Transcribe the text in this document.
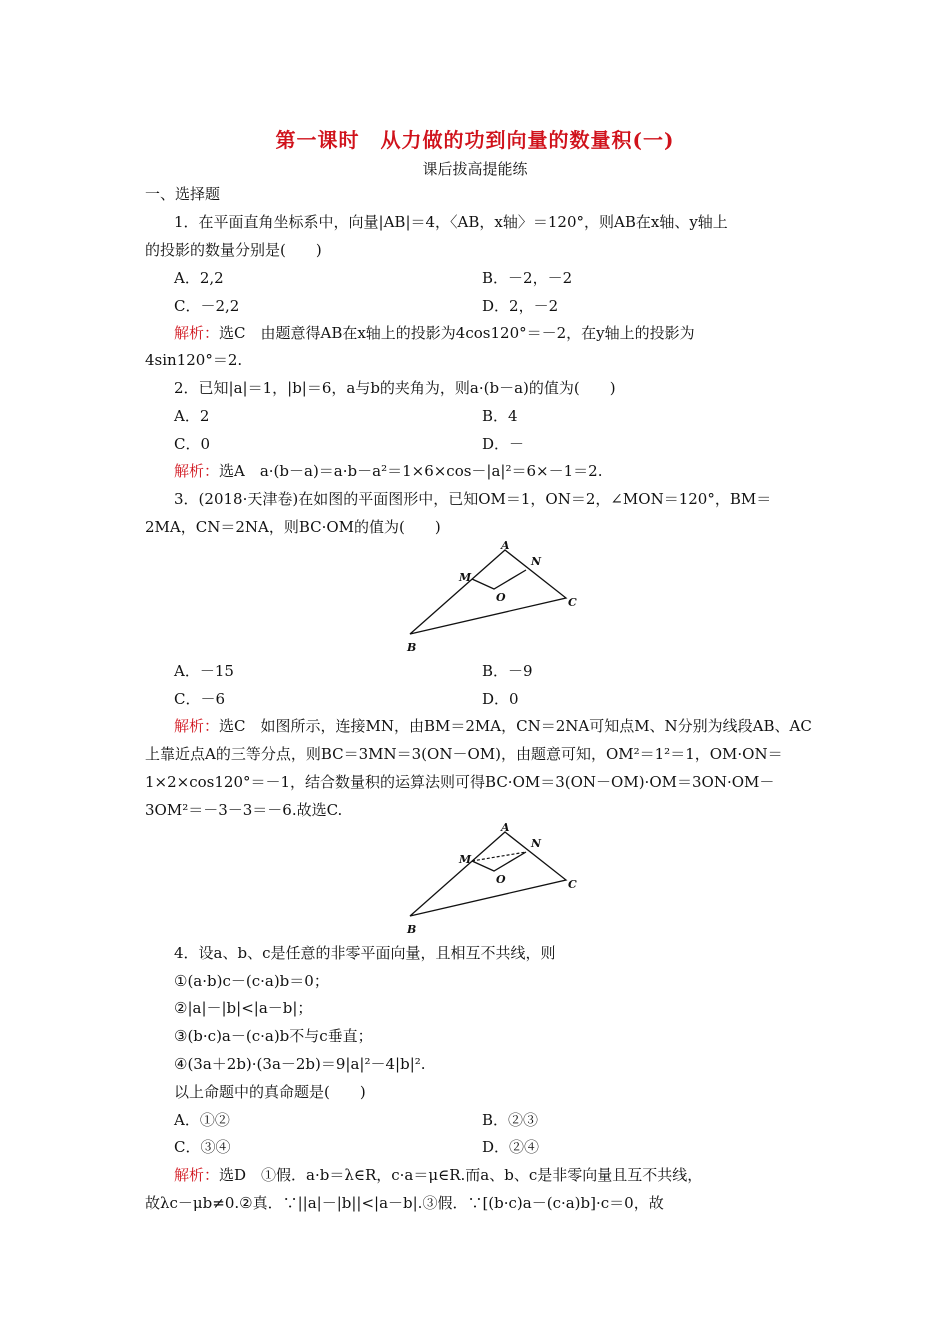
第一课时　从力做的功到向量的数量积(一)
课后拔高提能练
一、选择题
1．在平面直角坐标系中，向量|AB|＝4，〈AB，x轴〉＝120°，则AB在x轴、y轴上
的投影的数量分别是(　　)
A．2,2	B．－2，－2
C．－2,2	D．2，－2
解析：选C　由题意得AB在x轴上的投影为4cos120°＝－2，在y轴上的投影为
4sin120°＝2.
2．已知|a|＝1，|b|＝6，a与b的夹角为，则a·(b－a)的值为(　　)
A．2	B．4
C．0	D．－
解析：选A　a·(b－a)＝a·b－a²＝1×6×cos－|a|²＝6×－1＝2.
3．(2018·天津卷)在如图的平面图形中，已知OM＝1，ON＝2，∠MON＝120°，BM＝
2MA，CN＝2NA，则BC·OM的值为(　　)
A
N
M
O	C
B
A．－15	B．－9
C．－6	D．0
解析：选C　如图所示，连接MN，由BM＝2MA，CN＝2NA可知点M、N分别为线段AB、AC
上靠近点A的三等分点，则BC＝3MN＝3(ON－OM)，由题意可知，OM²＝1²＝1，OM·ON＝
1×2×cos120°＝－1，结合数量积的运算法则可得BC·OM＝3(ON－OM)·OM＝3ON·OM－
3OM²＝－3－3＝－6.故选C.
A
N
M
O	C
B
4．设a、b、c是任意的非零平面向量，且相互不共线，则
①(a·b)c－(c·a)b＝0；
②|a|－|b|<|a－b|；
③(b·c)a－(c·a)b不与c垂直；
④(3a＋2b)·(3a－2b)＝9|a|²－4|b|².
以上命题中的真命题是(　　)
A．①②	B．②③
C．③④	D．②④
解析：选D　①假．a·b＝λ∈R，c·a＝μ∈R.而a、b、c是非零向量且互不共线，
故λc－μb≠0.②真．∵||a|－|b||<|a－b|.③假．∵[(b·c)a－(c·a)b]·c＝0，故
